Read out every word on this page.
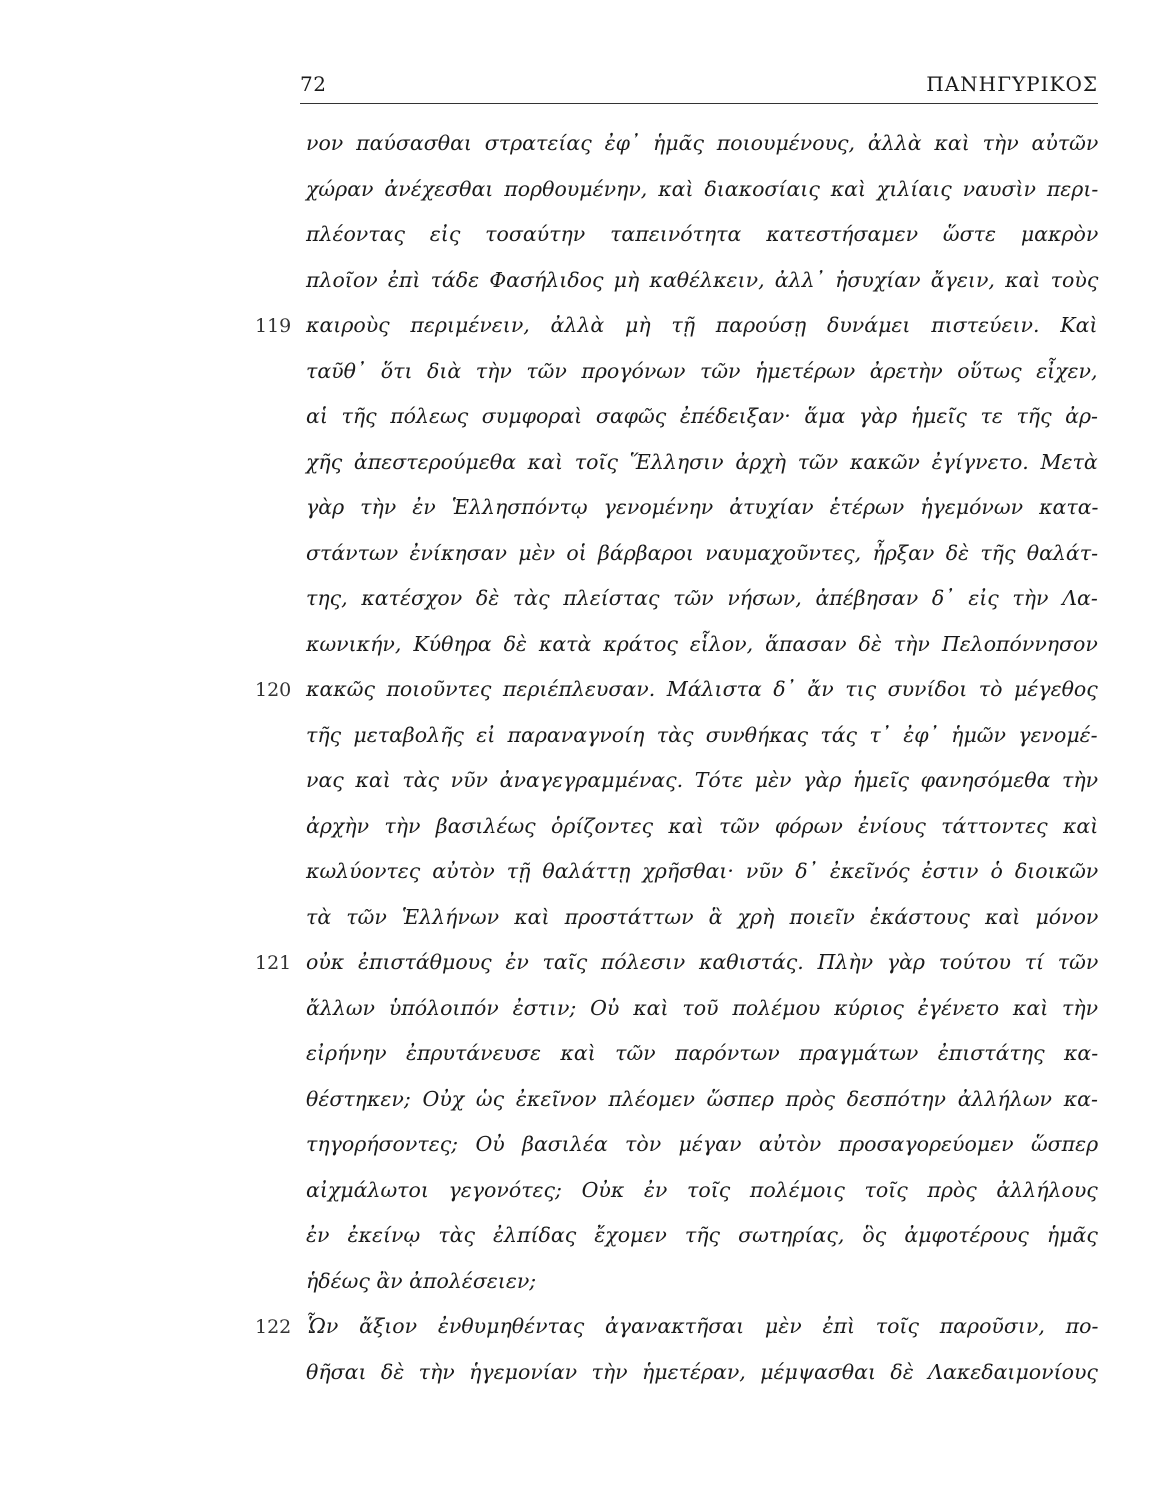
72	ΠΑΝΗΓΥΡΙΚΟΣ
νον παύσασθαι στρατείας ἐφ᾿ ἡμᾶς ποιουμένους, ἀλλὰ καὶ τὴν αὐτῶν
χώραν ἀνέχεσθαι πορθουμένην, καὶ διακοσίαις καὶ χιλίαις ναυσὶν περι-
πλέοντας εἰς τοσαύτην ταπεινότητα κατεστήσαμεν ὥστε μακρὸν
πλοῖον ἐπὶ τάδε Φασήλιδος μὴ καθέλκειν, ἀλλ᾿ ἡσυχίαν ἄγειν, καὶ τοὺς
καιροὺς περιμένειν, ἀλλὰ μὴ τῇ παρούσῃ δυνάμει πιστεύειν. Καὶ
ταῦθ᾿ ὅτι διὰ τὴν τῶν προγόνων τῶν ἡμετέρων ἀρετὴν οὕτως εἶχεν,
αἱ τῆς πόλεως συμφοραὶ σαφῶς ἐπέδειξαν· ἅμα γὰρ ἡμεῖς τε τῆς ἀρ-
χῆς ἀπεστερούμεθα καὶ τοῖς Ἕλλησιν ἀρχὴ τῶν κακῶν ἐγίγνετο. Μετὰ
γὰρ τὴν ἐν Ἑλλησπόντῳ γενομένην ἀτυχίαν ἑτέρων ἡγεμόνων κατα-
στάντων ἐνίκησαν μὲν οἱ βάρβαροι ναυμαχοῦντες, ἦρξαν δὲ τῆς θαλάτ-
της, κατέσχον δὲ τὰς πλείστας τῶν νήσων, ἀπέβησαν δ᾿ εἰς τὴν Λα-
κωνικήν, Κύθηρα δὲ κατὰ κράτος εἷλον, ἅπασαν δὲ τὴν Πελοπόννησον
κακῶς ποιοῦντες περιέπλευσαν. Μάλιστα δ᾿ ἄν τις συνίδοι τὸ μέγεθος
τῆς μεταβολῆς εἰ παραναγνοίη τὰς συνθήκας τάς τ᾿ ἐφ᾿ ἡμῶν γενομέ-
νας καὶ τὰς νῦν ἀναγεγραμμένας. Τότε μὲν γὰρ ἡμεῖς φανησόμεθα τὴν
ἀρχὴν τὴν βασιλέως ὁρίζοντες καὶ τῶν φόρων ἐνίους τάττοντες καὶ
κωλύοντες αὐτὸν τῇ θαλάττῃ χρῆσθαι· νῦν δ᾿ ἐκεῖνός ἐστιν ὁ διοικῶν
τὰ τῶν Ἑλλήνων καὶ προστάττων ἃ χρὴ ποιεῖν ἑκάστους καὶ μόνον
οὐκ ἐπιστάθμους ἐν ταῖς πόλεσιν καθιστάς. Πλὴν γὰρ τούτου τί τῶν
ἄλλων ὑπόλοιπόν ἐστιν; Οὐ καὶ τοῦ πολέμου κύριος ἐγένετο καὶ τὴν
εἰρήνην ἐπρυτάνευσε καὶ τῶν παρόντων πραγμάτων ἐπιστάτης κα-
θέστηκεν; Οὐχ ὡς ἐκεῖνον πλέομεν ὥσπερ πρὸς δεσπότην ἀλλήλων κα-
τηγορήσοντες; Οὐ βασιλέα τὸν μέγαν αὐτὸν προσαγορεύομεν ὥσπερ
αἰχμάλωτοι γεγονότες; Οὐκ ἐν τοῖς πολέμοις τοῖς πρὸς ἀλλήλους
ἐν ἐκείνῳ τὰς ἐλπίδας ἔχομεν τῆς σωτηρίας, ὃς ἀμφοτέρους ἡμᾶς
ἡδέως ἂν ἀπολέσειεν;
Ὧν ἄξιον ἐνθυμηθέντας ἀγανακτῆσαι μὲν ἐπὶ τοῖς παροῦσιν, πο-
θῆσαι δὲ τὴν ἡγεμονίαν τὴν ἡμετέραν, μέμψασθαι δὲ Λακεδαιμονίους
119
120
121
122
